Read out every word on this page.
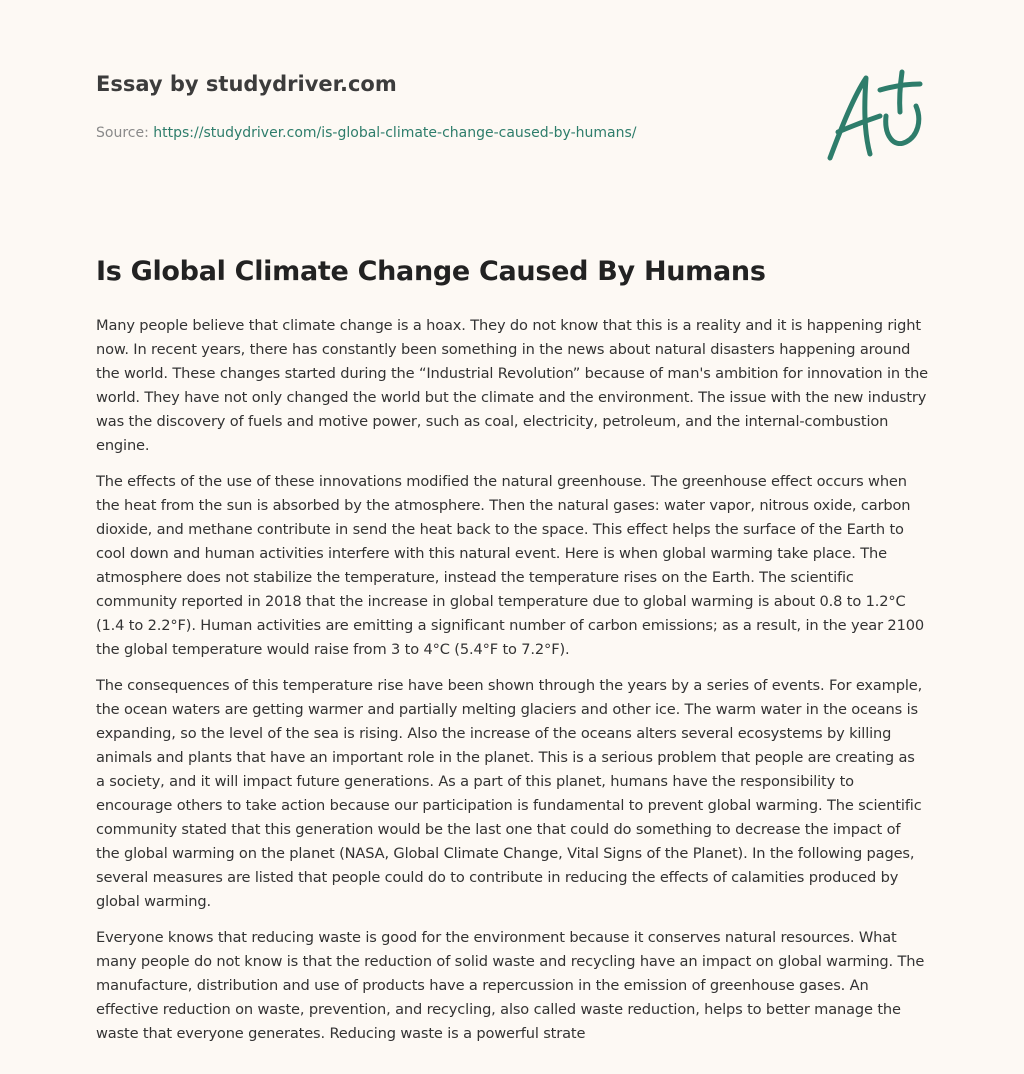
Essay by studydriver.com
Source: https://studydriver.com/is-global-climate-change-caused-by-humans/
Is Global Climate Change Caused By Humans

Many people believe that climate change is a hoax. They do not know that this is a reality and it is happening right now. In recent years, there has constantly been something in the news about natural disasters happening around the world. These changes started during the “Industrial Revolution” because of man's ambition for innovation in the world. They have not only changed the world but the climate and the environment. The issue with the new industry was the discovery of fuels and motive power, such as coal, electricity, petroleum, and the internal-combustion engine.

The effects of the use of these innovations modified the natural greenhouse. The greenhouse effect occurs when the heat from the sun is absorbed by the atmosphere. Then the natural gases: water vapor, nitrous oxide, carbon dioxide, and methane contribute in send the heat back to the space. This effect helps the surface of the Earth to cool down and human activities interfere with this natural event. Here is when global warming take place. The atmosphere does not stabilize the temperature, instead the temperature rises on the Earth. The scientific community reported in 2018 that the increase in global temperature due to global warming is about 0.8 to 1.2°C (1.4 to 2.2°F). Human activities are emitting a significant number of carbon emissions; as a result, in the year 2100 the global temperature would raise from 3 to 4°C (5.4°F to 7.2°F).

The consequences of this temperature rise have been shown through the years by a series of events. For example, the ocean waters are getting warmer and partially melting glaciers and other ice. The warm water in the oceans is expanding, so the level of the sea is rising. Also the increase of the oceans alters several ecosystems by killing animals and plants that have an important role in the planet. This is a serious problem that people are creating as a society, and it will impact future generations. As a part of this planet, humans have the responsibility to encourage others to take action because our participation is fundamental to prevent global warming. The scientific community stated that this generation would be the last one that could do something to decrease the impact of the global warming on the planet (NASA, Global Climate Change, Vital Signs of the Planet). In the following pages, several measures are listed that people could do to contribute in reducing the effects of calamities produced by global warming.

Everyone knows that reducing waste is good for the environment because it conserves natural resources. What many people do not know is that the reduction of solid waste and recycling have an impact on global warming. The manufacture, distribution and use of products have a repercussion in the emission of greenhouse gases. An effective reduction on waste, prevention, and recycling, also called waste reduction, helps to better manage the waste that everyone generates. Reducing waste is a powerful strate
